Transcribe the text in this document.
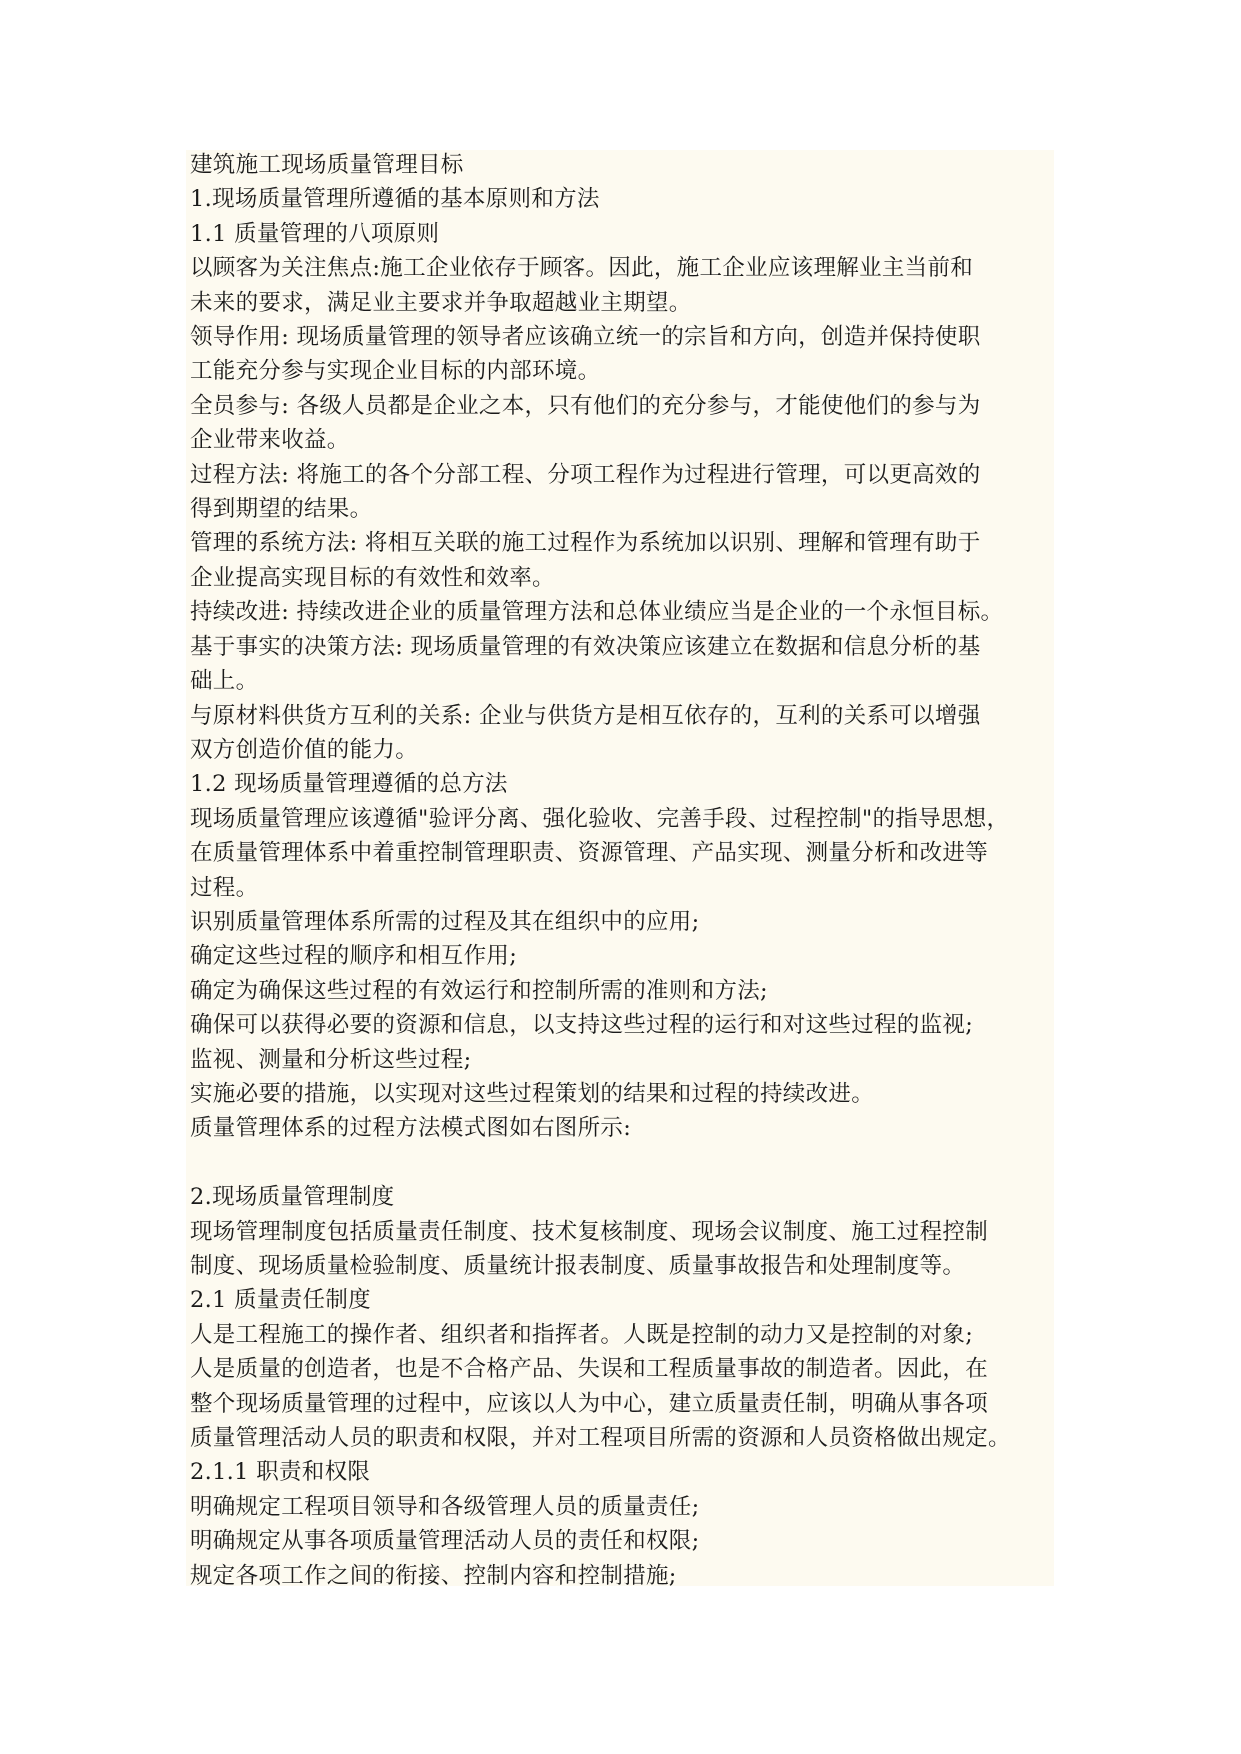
建筑施工现场质量管理目标

1.现场质量管理所遵循的基本原则和方法

1.1 质量管理的八项原则

以顾客为关注焦点:施工企业依存于顾客。因此，施工企业应该理解业主当前和

未来的要求，满足业主要求并争取超越业主期望。

领导作用: 现场质量管理的领导者应该确立统一的宗旨和方向，创造并保持使职

工能充分参与实现企业目标的内部环境。

全员参与: 各级人员都是企业之本，只有他们的充分参与，才能使他们的参与为

企业带来收益。

过程方法: 将施工的各个分部工程、分项工程作为过程进行管理，可以更高效的

得到期望的结果。

管理的系统方法: 将相互关联的施工过程作为系统加以识别、理解和管理有助于

企业提高实现目标的有效性和效率。

持续改进: 持续改进企业的质量管理方法和总体业绩应当是企业的一个永恒目标。

基于事实的决策方法: 现场质量管理的有效决策应该建立在数据和信息分析的基

础上。

与原材料供货方互利的关系: 企业与供货方是相互依存的，互利的关系可以增强

双方创造价值的能力。

1.2 现场质量管理遵循的总方法

现场质量管理应该遵循"验评分离、强化验收、完善手段、过程控制"的指导思想，

在质量管理体系中着重控制管理职责、资源管理、产品实现、测量分析和改进等

过程。

识别质量管理体系所需的过程及其在组织中的应用;

确定这些过程的顺序和相互作用;

确定为确保这些过程的有效运行和控制所需的准则和方法;

确保可以获得必要的资源和信息，以支持这些过程的运行和对这些过程的监视;

监视、测量和分析这些过程;

实施必要的措施，以实现对这些过程策划的结果和过程的持续改进。

质量管理体系的过程方法模式图如右图所示:

2.现场质量管理制度

现场管理制度包括质量责任制度、技术复核制度、现场会议制度、施工过程控制

制度、现场质量检验制度、质量统计报表制度、质量事故报告和处理制度等。

2.1 质量责任制度

人是工程施工的操作者、组织者和指挥者。人既是控制的动力又是控制的对象;

人是质量的创造者，也是不合格产品、失误和工程质量事故的制造者。因此，在

整个现场质量管理的过程中，应该以人为中心，建立质量责任制，明确从事各项

质量管理活动人员的职责和权限，并对工程项目所需的资源和人员资格做出规定。

2.1.1 职责和权限

明确规定工程项目领导和各级管理人员的质量责任;

明确规定从事各项质量管理活动人员的责任和权限;

规定各项工作之间的衔接、控制内容和控制措施;
